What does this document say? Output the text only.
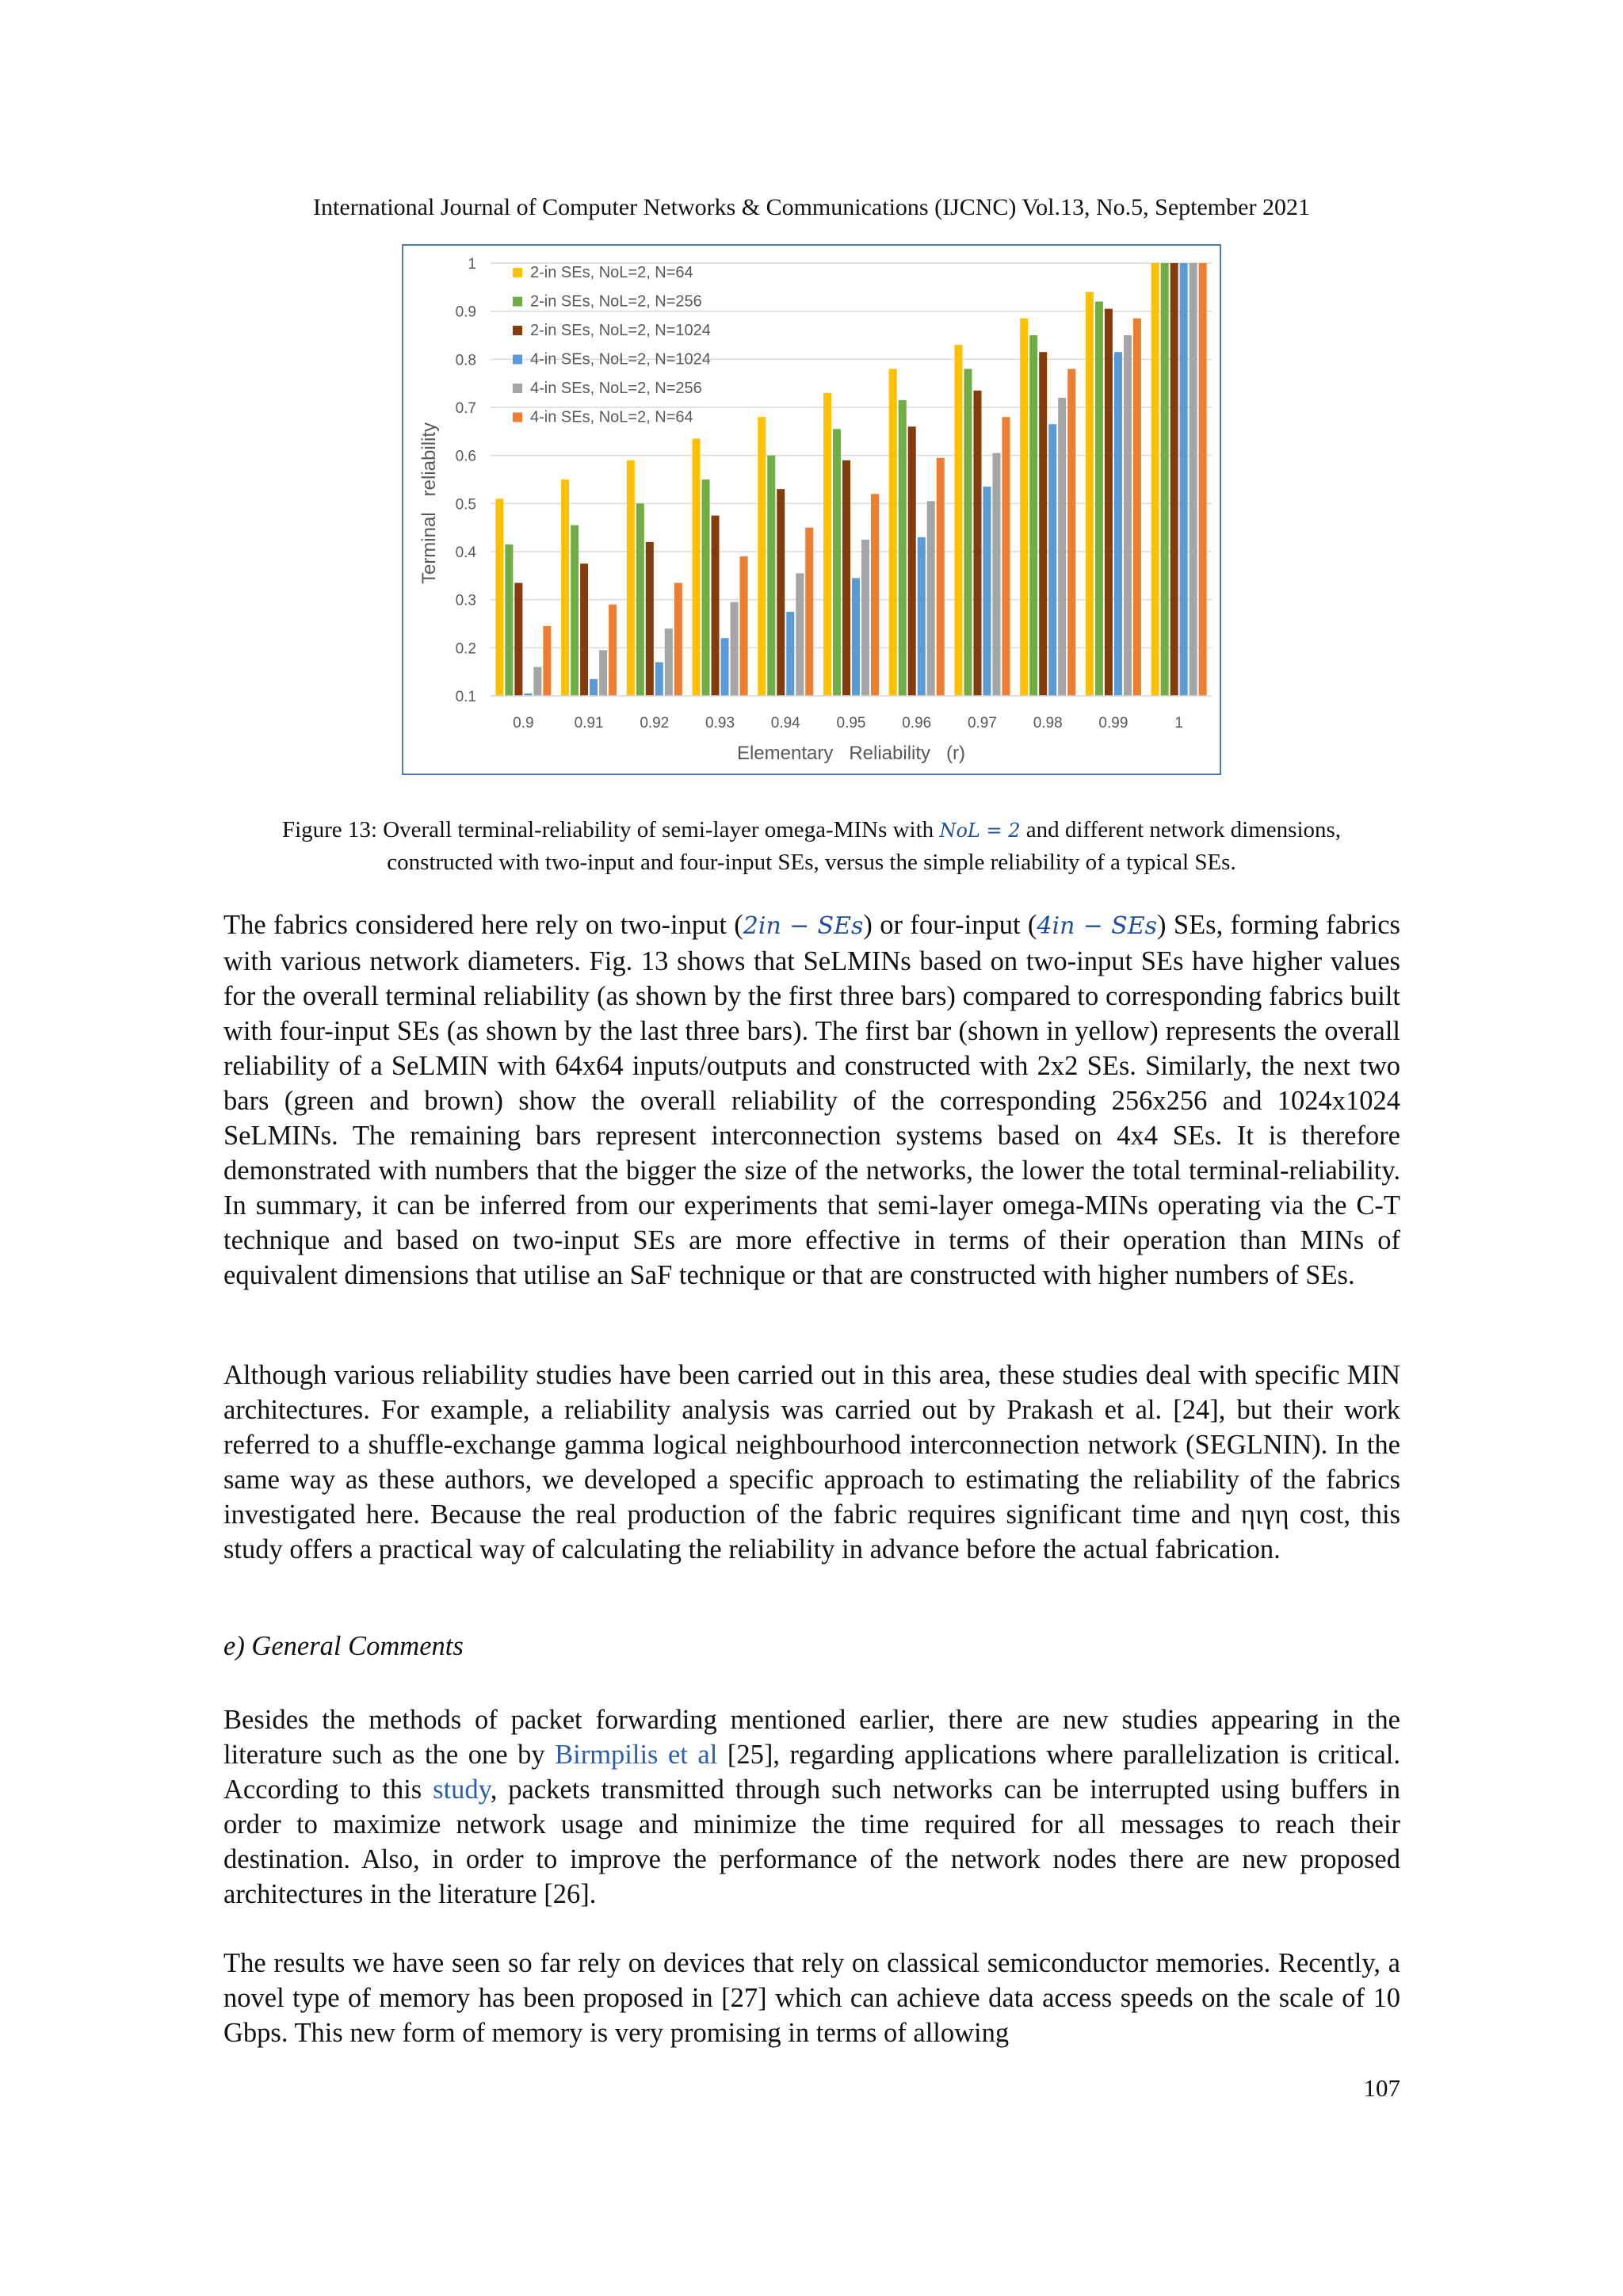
International Journal of Computer Networks & Communications (IJCNC) Vol.13, No.5, September 2021
0.1
0.2
0.3
0.4
0.5
0.6
0.7
0.8
0.9
1
0.9	0.91 0.92 0.93 0.94 0.95 0.96 0.97 0.98 0.99	1
Elementary   Reliability   (r)
Terminal   reliability
2-in SEs, NoL=2, N=64
2-in SEs, NoL=2, N=256
2-in SEs, NoL=2, N=1024
4-in SEs, NoL=2, N=1024
4-in SEs, NoL=2, N=256
4-in SEs, NoL=2, N=64
Figure 13: Overall terminal-reliability of semi-layer omega-MINs with NoL = 2 and different network dimensions, constructed with two-input and four-input SEs, versus the simple reliability of a typical SEs.
The fabrics considered here rely on two-input (2in − SEs) or four-input (4in − SEs) SEs, forming fabrics with various network diameters. Fig. 13 shows that SeLMINs based on two-input SEs have higher values for the overall terminal reliability (as shown by the first three bars) compared to corresponding fabrics built with four-input SEs (as shown by the last three bars). The first bar (shown in yellow) represents the overall reliability of a SeLMIN with 64x64 inputs/outputs and constructed with 2x2 SEs. Similarly, the next two bars (green and brown) show the overall reliability of the corresponding 256x256 and 1024x1024 SeLMINs. The remaining bars represent interconnection systems based on 4x4 SEs. It is therefore demonstrated with numbers that the bigger the size of the networks, the lower the total terminal-reliability. In summary, it can be inferred from our experiments that semi-layer omega-MINs operating via the C-T technique and based on two-input SEs are more effective in terms of their operation than MINs of equivalent dimensions that utilise an SaF technique or that are constructed with higher numbers of SEs.
Although various reliability studies have been carried out in this area, these studies deal with specific MIN architectures. For example, a reliability analysis was carried out by Prakash et al. [24], but their work referred to a shuffle-exchange gamma logical neighbourhood interconnection network (SEGLNIN). In the same way as these authors, we developed a specific approach to estimating the reliability of the fabrics investigated here. Because the real production of the fabric requires significant time and ηιγη cost, this study offers a practical way of calculating the reliability in advance before the actual fabrication.
e) General Comments
Besides the methods of packet forwarding mentioned earlier, there are new studies appearing in the literature such as the one by Birmpilis et al [25], regarding applications where parallelization is critical. According to this study, packets transmitted through such networks can be interrupted using buffers in order to maximize network usage and minimize the time required for all messages to reach their destination. Also, in order to improve the performance of the network nodes there are new proposed architectures in the literature [26].
The results we have seen so far rely on devices that rely on classical semiconductor memories. Recently, a novel type of memory has been proposed in [27] which can achieve data access speeds on the scale of 10 Gbps. This new form of memory is very promising in terms of allowing
107
